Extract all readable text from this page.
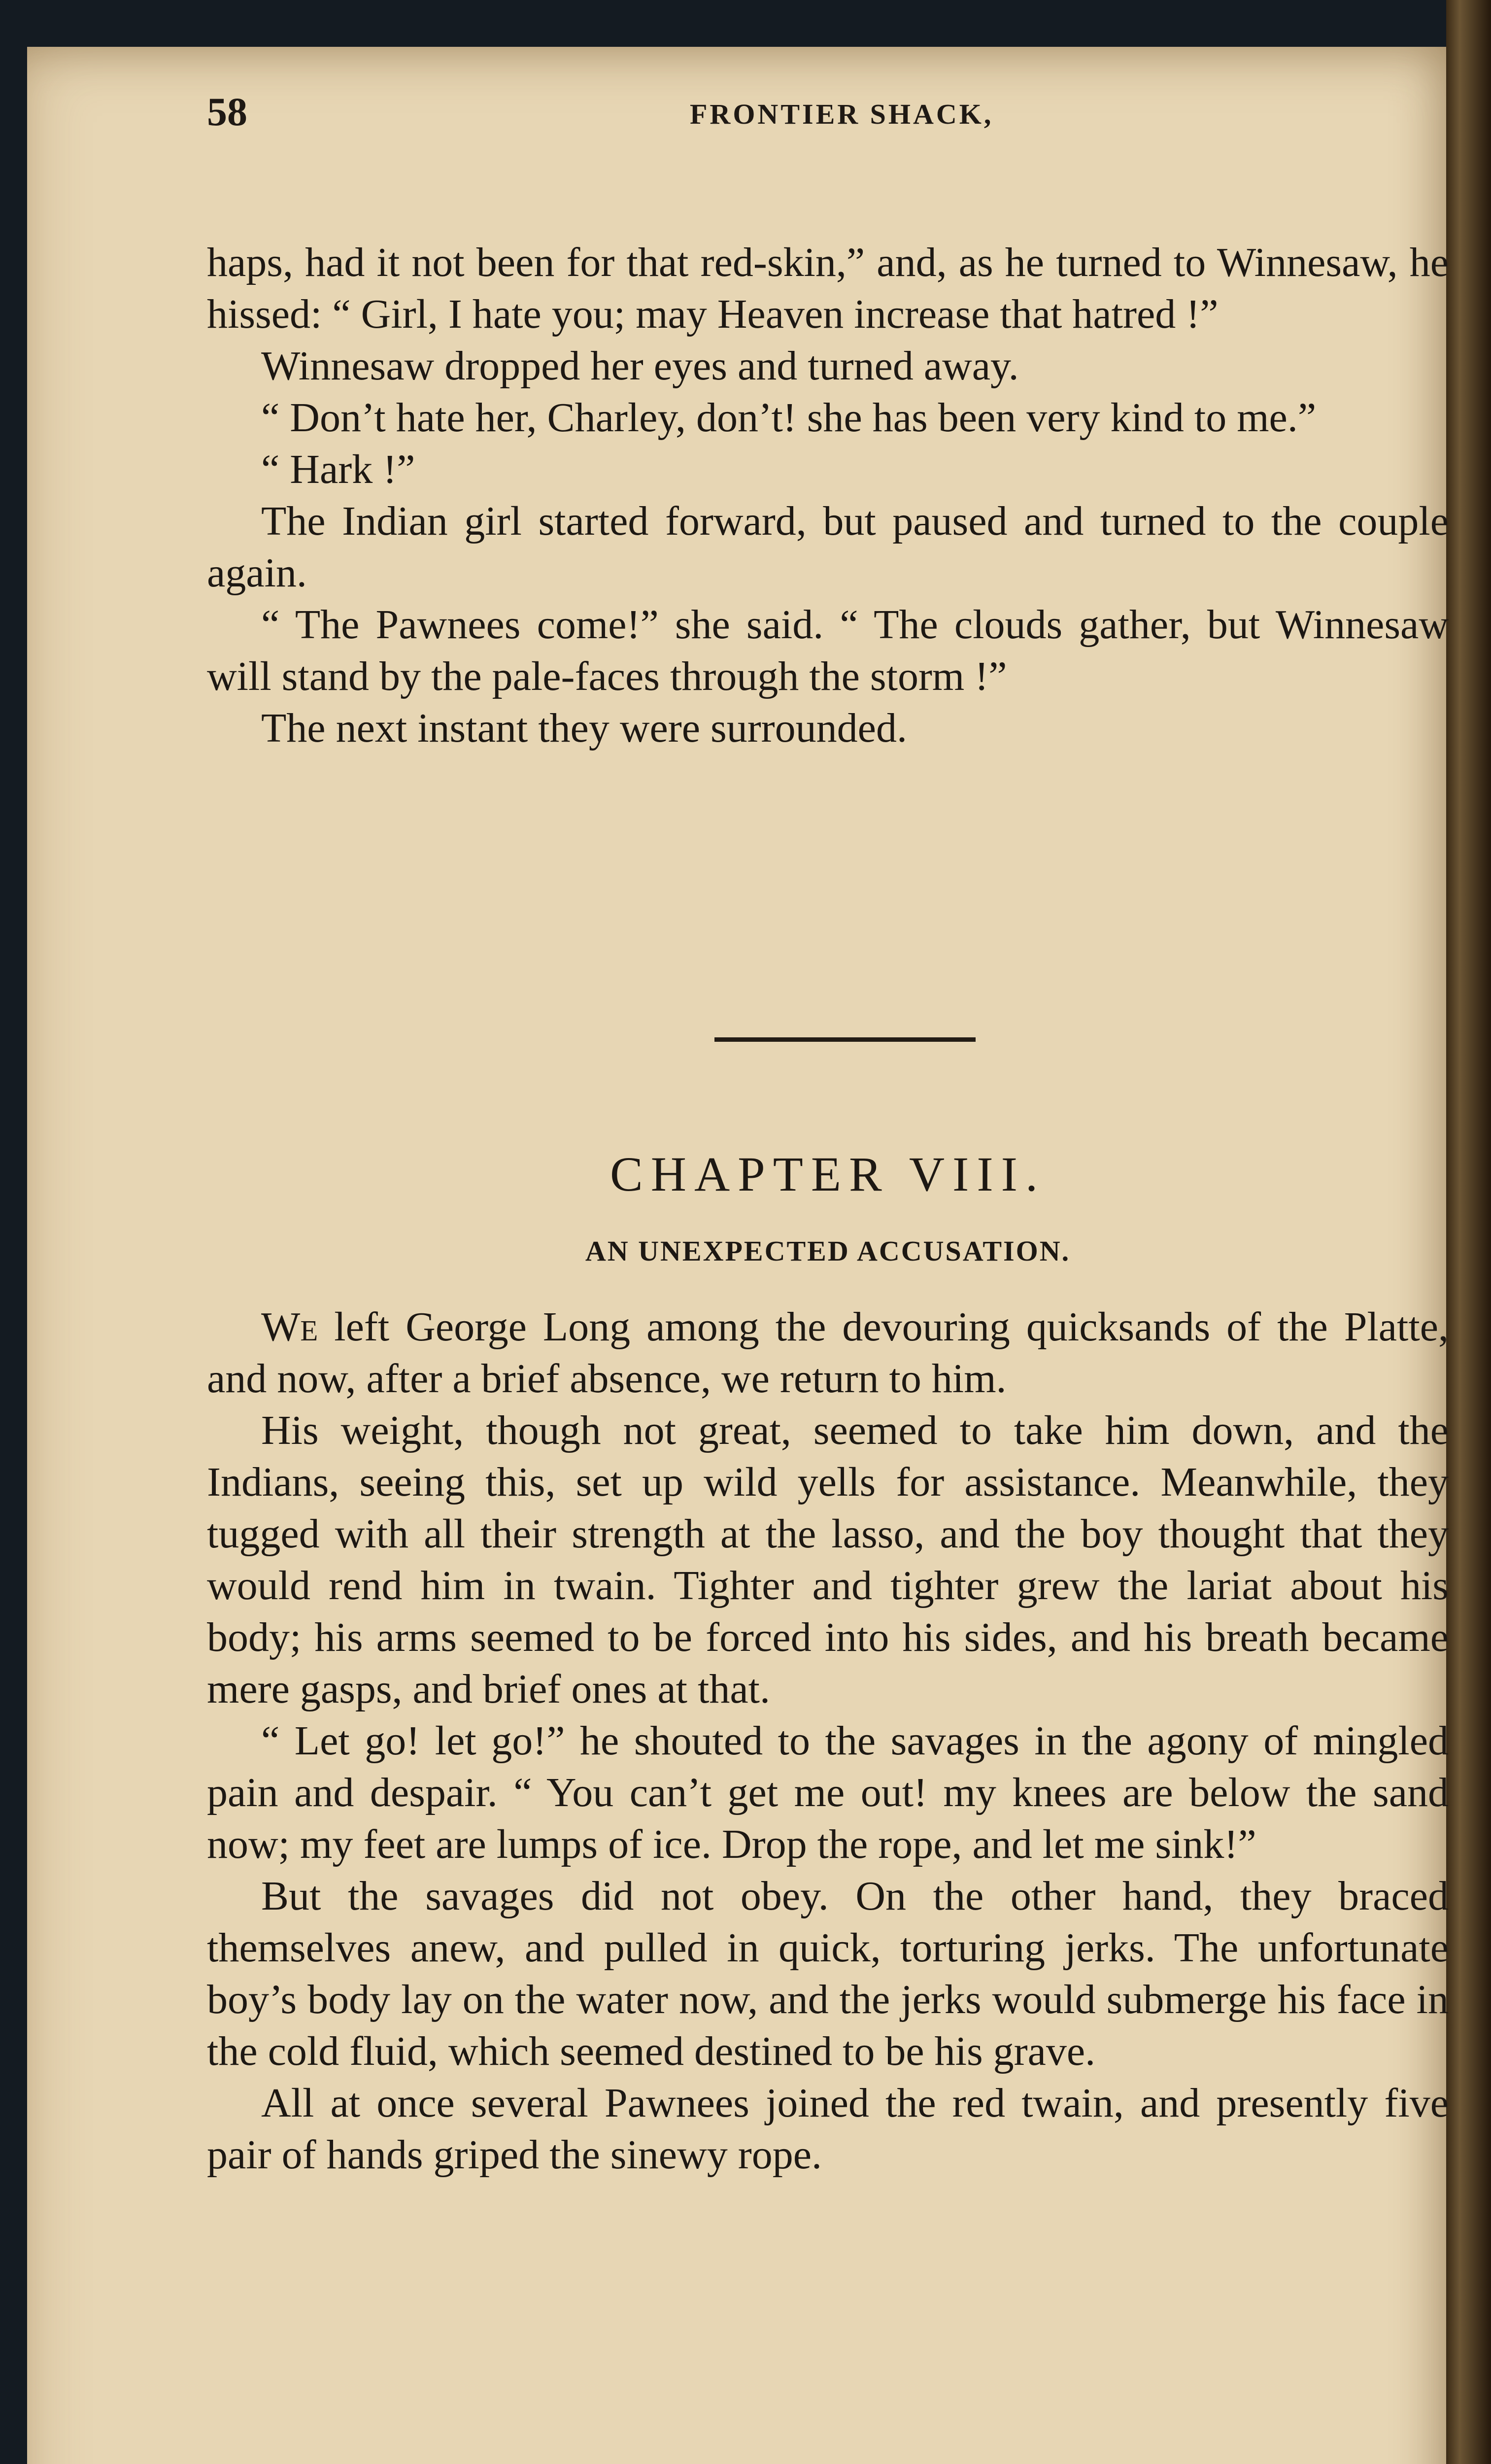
58	FRONTIER SHACK,

haps, had it not been for that red-skin,” and, as he turned to Winnesaw, he hissed: “ Girl, I hate you; may Heaven increase that hatred !”

Winnesaw dropped her eyes and turned away.

“ Don’t hate her, Charley, don’t! she has been very kind to me.”

“ Hark !”

The Indian girl started forward, but paused and turned to the couple again.

“ The Pawnees come!” she said. “ The clouds gather, but Winnesaw will stand by the pale-faces through the storm !”

The next instant they were surrounded.

CHAPTER VIII.
AN UNEXPECTED ACCUSATION.

We left George Long among the devouring quicksands of the Platte, and now, after a brief absence, we return to him.

His weight, though not great, seemed to take him down, and the Indians, seeing this, set up wild yells for assistance. Meanwhile, they tugged with all their strength at the lasso, and the boy thought that they would rend him in twain. Tighter and tighter grew the lariat about his body; his arms seemed to be forced into his sides, and his breath became mere gasps, and brief ones at that.

“ Let go! let go!” he shouted to the savages in the agony of mingled pain and despair. “ You can’t get me out! my knees are below the sand now; my feet are lumps of ice. Drop the rope, and let me sink!”

But the savages did not obey. On the other hand, they braced themselves anew, and pulled in quick, torturing jerks. The unfortunate boy’s body lay on the water now, and the jerks would submerge his face in the cold fluid, which seemed destined to be his grave.

All at once several Pawnees joined the red twain, and presently five pair of hands griped the sinewy rope.
